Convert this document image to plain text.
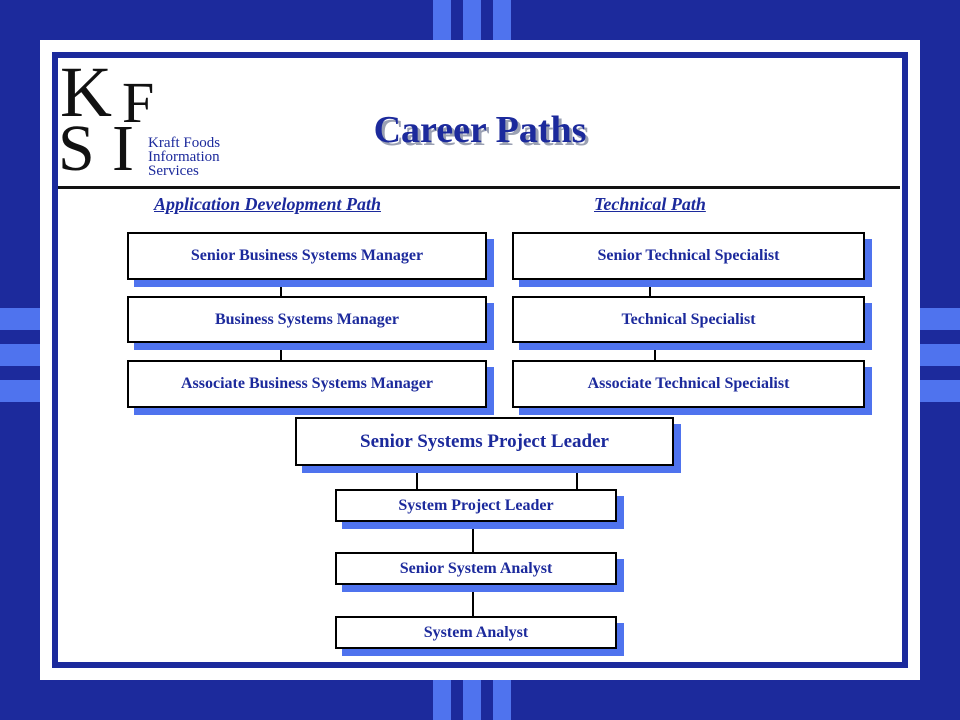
K F
S I Kraft Foods
Information
Services
Career Paths
Application Development Path	Technical Path
Senior Business Systems Manager
Business Systems Manager
Associate Business Systems Manager
Senior Technical Specialist
Technical Specialist
Associate Technical Specialist
Senior Systems Project Leader
System Project Leader
Senior System Analyst
System Analyst
